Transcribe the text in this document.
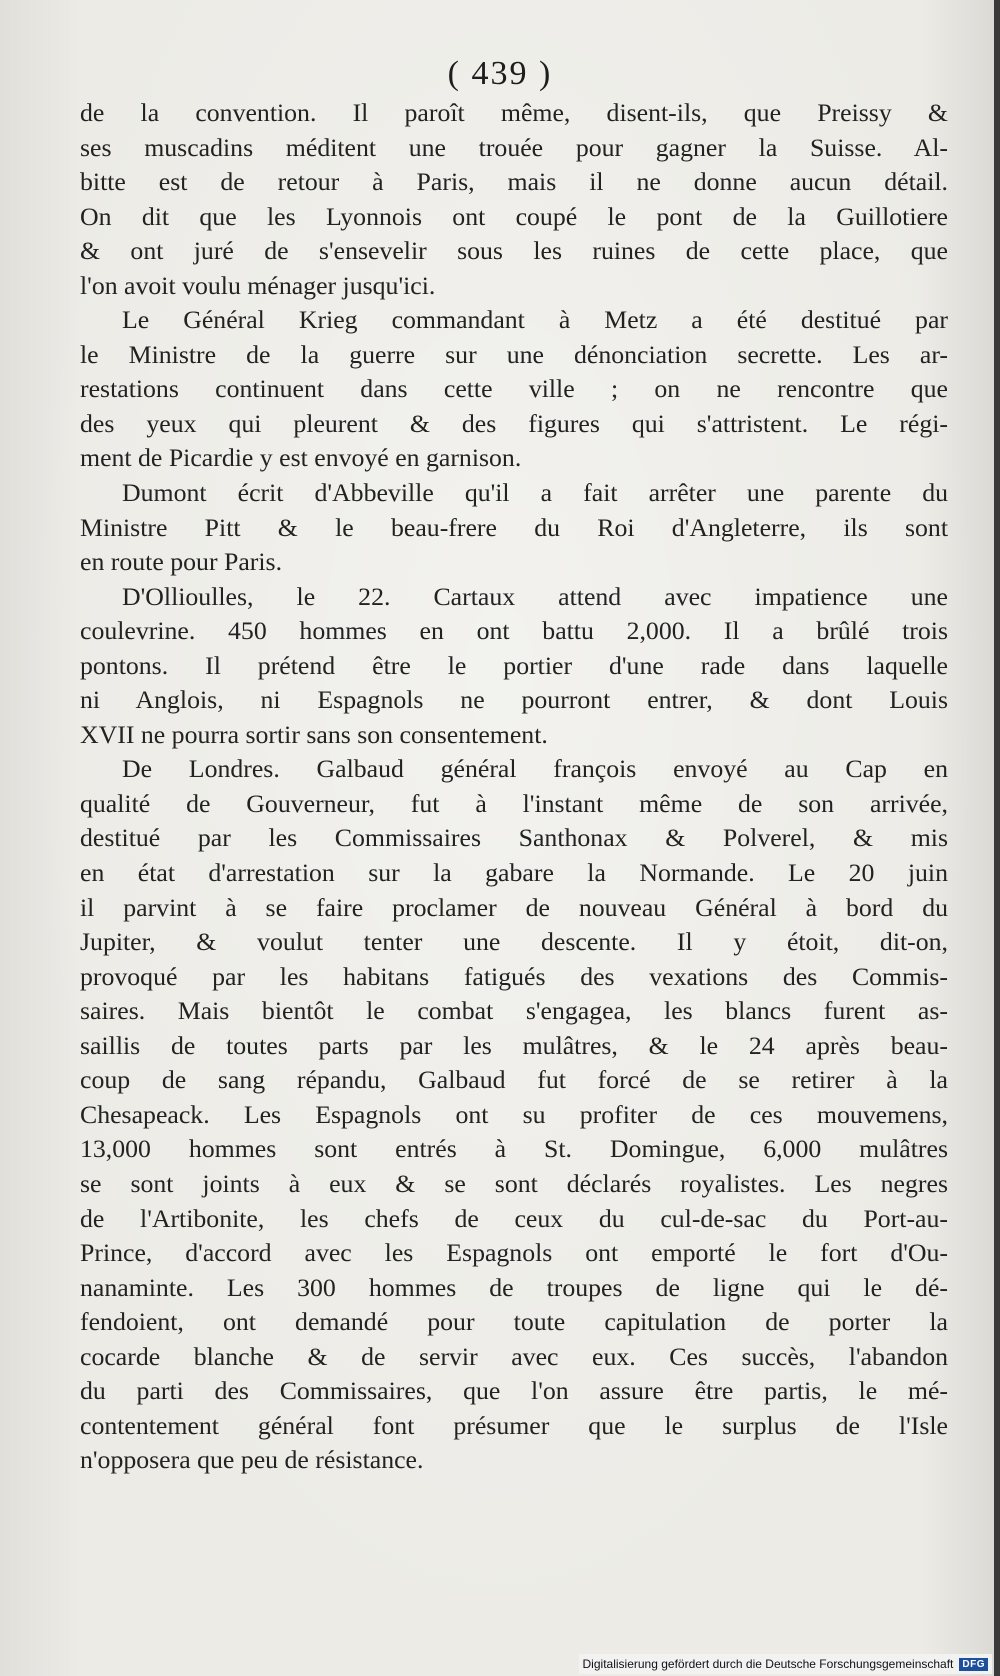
( 439 )
de la convention. Il paroît même, disent-ils, que Preissy &
ses muscadins méditent une trouée pour gagner la Suisse. Al-
bitte est de retour à Paris, mais il ne donne aucun détail.
On dit que les Lyonnois ont coupé le pont de la Guillotiere
& ont juré de s'ensevelir sous les ruines de cette place, que
l'on avoit voulu ménager jusqu'ici.
Le Général Krieg commandant à Metz a été destitué par
le Ministre de la guerre sur une dénonciation secrette. Les ar-
restations continuent dans cette ville ; on ne rencontre que
des yeux qui pleurent & des figures qui s'attristent. Le régi-
ment de Picardie y est envoyé en garnison.
Dumont écrit d'Abbeville qu'il a fait arrêter une parente du
Ministre Pitt & le beau-frere du Roi d'Angleterre, ils sont
en route pour Paris.
D'Ollioulles, le 22. Cartaux attend avec impatience une
coulevrine. 450 hommes en ont battu 2,000. Il a brûlé trois
pontons. Il prétend être le portier d'une rade dans laquelle
ni Anglois, ni Espagnols ne pourront entrer, & dont Louis
XVII ne pourra sortir sans son consentement.
De Londres. Galbaud général françois envoyé au Cap en
qualité de Gouverneur, fut à l'instant même de son arrivée,
destitué par les Commissaires Santhonax & Polverel, & mis
en état d'arrestation sur la gabare la Normande. Le 20 juin
il parvint à se faire proclamer de nouveau Général à bord du
Jupiter, & voulut tenter une descente. Il y étoit, dit-on,
provoqué par les habitans fatigués des vexations des Commis-
saires. Mais bientôt le combat s'engagea, les blancs furent as-
saillis de toutes parts par les mulâtres, & le 24 après beau-
coup de sang répandu, Galbaud fut forcé de se retirer à la
Chesapeack. Les Espagnols ont su profiter de ces mouvemens,
13,000 hommes sont entrés à St. Domingue, 6,000 mulâtres
se sont joints à eux & se sont déclarés royalistes. Les negres
de l'Artibonite, les chefs de ceux du cul-de-sac du Port-au-
Prince, d'accord avec les Espagnols ont emporté le fort d'Ou-
nanaminte. Les 300 hommes de troupes de ligne qui le dé-
fendoient, ont demandé pour toute capitulation de porter la
cocarde blanche & de servir avec eux. Ces succès, l'abandon
du parti des Commissaires, que l'on assure être partis, le mé-
contentement général font présumer que le surplus de l'Isle
n'opposera que peu de résistance.
Digitalisierung gefördert durch die Deutsche Forschungsgemeinschaft DFG
